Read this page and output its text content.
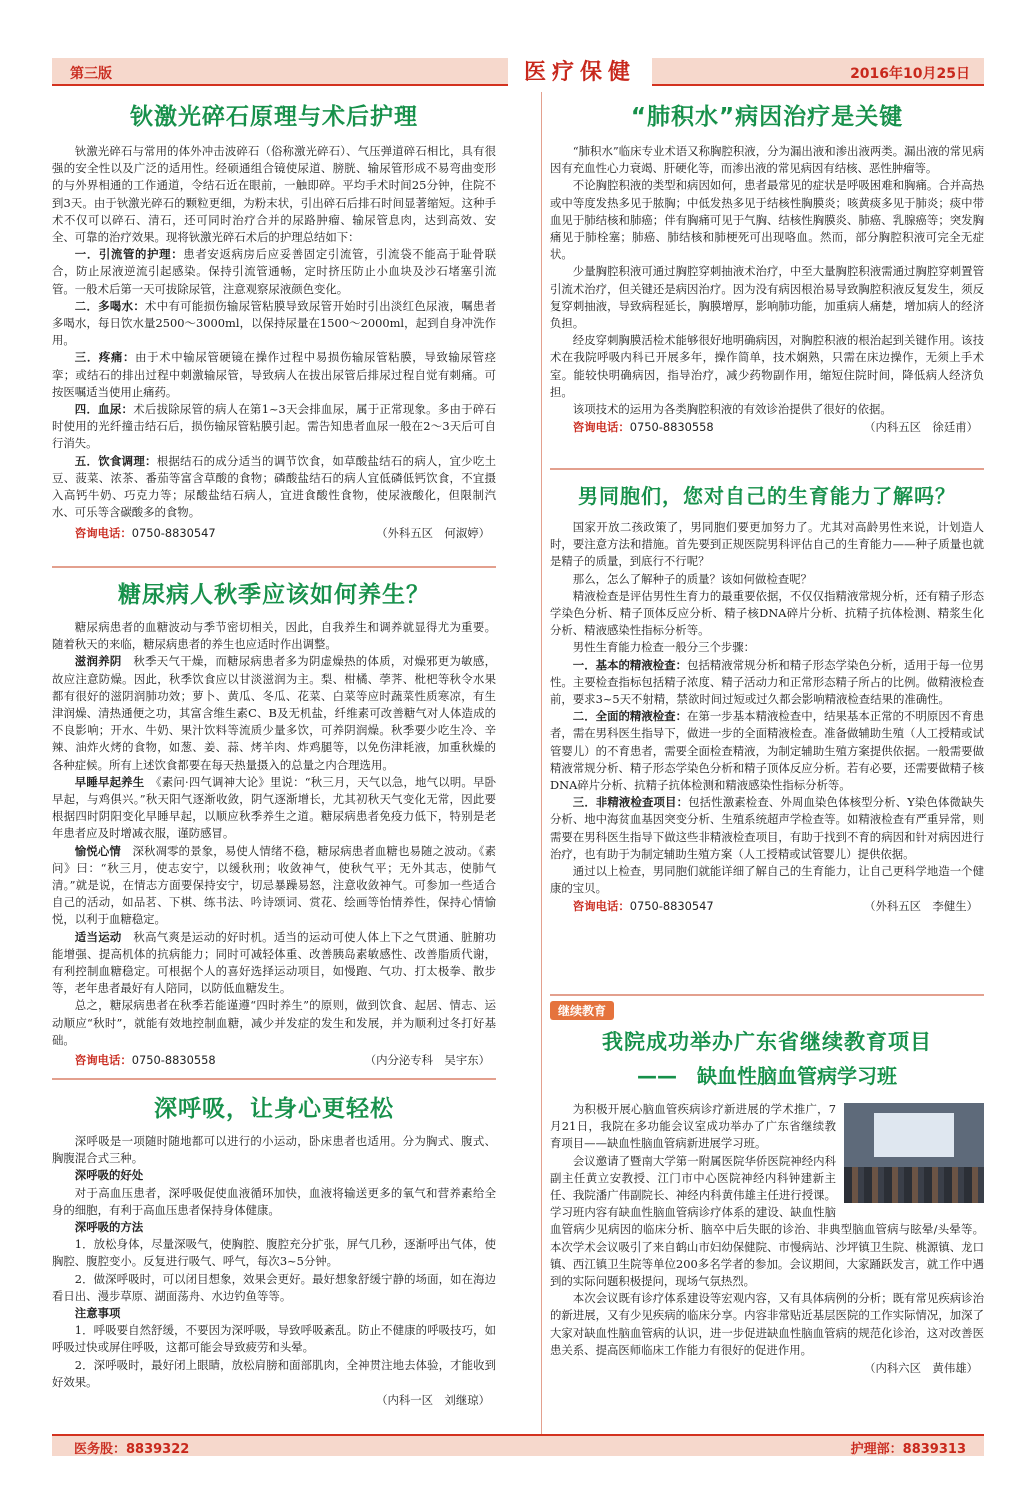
第三版	医疗保健	2016年10月25日
钬激光碎石原理与术后护理

钬激光碎石与常用的体外冲击波碎石（俗称激光碎石）、气压弹道碎石相比，具有很强的安全性以及广泛的适用性。经硕通组合镜使尿道、膀胱、输尿管形成不易弯曲变形的与外界相通的工作通道，令结石近在眼前，一触即碎。平均手术时间25分钟，住院不到3天。由于钬激光碎石的颗粒更细，为粉末状，引出碎石后排石时间显著缩短。这种手术不仅可以碎石、清石，还可同时治疗合并的尿路肿瘤、输尿管息肉，达到高效、安全、可靠的治疗效果。现将钬激光碎石术后的护理总结如下：

一．引流管的护理：患者安返病房后应妥善固定引流管，引流袋不能高于耻骨联合，防止尿液逆流引起感染。保持引流管通畅，定时挤压防止小血块及沙石堵塞引流管。一般术后第一天可拔除尿管，注意观察尿液颜色变化。

二．多喝水：术中有可能损伤输尿管粘膜导致尿管开始时引出淡红色尿液，嘱患者多喝水，每日饮水量2500～3000ml，以保持尿量在1500～2000ml，起到自身冲洗作用。

三．疼痛：由于术中输尿管硬镜在操作过程中易损伤输尿管粘膜，导致输尿管痉挛；或结石的排出过程中刺激输尿管，导致病人在拔出尿管后排尿过程自觉有刺痛。可按医嘱适当使用止痛药。

四．血尿：术后拔除尿管的病人在第1~3天会排血尿，属于正常现象。多由于碎石时使用的光纤撞击结石后，损伤输尿管粘膜引起。需告知患者血尿一般在2～3天后可自行消失。

五．饮食调理：根据结石的成分适当的调节饮食，如草酸盐结石的病人，宜少吃土豆、菠菜、浓茶、番茄等富含草酸的食物；磷酸盐结石的病人宜低磷低钙饮食，不宜摄入高钙牛奶、巧克力等；尿酸盐结石病人，宜进食酸性食物，使尿液酸化，但限制汽水、可乐等含碳酸多的食物。

咨询电话：0750-8830547	（外科五区　何淑婷）
糖尿病人秋季应该如何养生？

糖尿病患者的血糖波动与季节密切相关，因此，自我养生和调养就显得尤为重要。随着秋天的来临，糖尿病患者的养生也应适时作出调整。

滋润养阴　 秋季天气干燥，而糖尿病患者多为阴虚燥热的体质，对燥邪更为敏感，故应注意防燥。因此，秋季饮食应以甘淡滋润为主。梨、柑橘、荸荠、枇杷等秋令水果都有很好的滋阴润肺功效；萝卜、黄瓜、冬瓜、花菜、白菜等应时蔬菜性质寒凉，有生津润燥、清热通便之功，其富含维生素C、B及无机盐，纤维素可改善糖气对人体造成的不良影响；开水、牛奶、果汁饮料等流质少量多饮，可养阴润燥。秋季要少吃生冷、辛辣、油炸火烤的食物，如葱、姜、蒜、烤羊肉、炸鸡腿等，以免伤津耗液，加重秋燥的各种症候。所有上述饮食都要在每天热量摄入的总量之内合理选用。

早睡早起养生　 《素问·四气调神大论》里说：“秋三月，天气以急，地气以明。早卧早起，与鸡俱兴。”秋天阳气逐渐收敛，阴气逐渐增长，尤其初秋天气变化无常，因此要根据四时阴阳变化早睡早起，以顺应秋季养生之道。糖尿病患者免疫力低下，特别是老年患者应及时增减衣服，谨防感冒。

愉悦心情　 深秋凋零的景象，易使人情绪不稳，糖尿病患者血糖也易随之波动。《素问》曰：“秋三月，使志安宁，以缓秋刑；收敛神气，使秋气平；无外其志，使肺气清。”就是说，在情志方面要保持安宁，切忌暴躁易怒，注意收敛神气。可参加一些适合自己的活动，如品茗、下棋、练书法、吟诗颂词、赏花、绘画等怡情养性，保持心情愉悦，以利于血糖稳定。

适当运动　 秋高气爽是运动的好时机。适当的运动可使人体上下之气贯通、脏腑功能增强、提高机体的抗病能力；同时可减轻体重、改善胰岛素敏感性、改善脂质代谢，有利控制血糖稳定。可根据个人的喜好选择运动项目，如慢跑、气功、打太极拳、散步等，老年患者最好有人陪同，以防低血糖发生。

总之，糖尿病患者在秋季若能谨遵“四时养生”的原则，做到饮食、起居、情志、运动顺应“秋时”，就能有效地控制血糖，减少并发症的发生和发展，并为顺利过冬打好基础。

咨询电话：0750-8830558	（内分泌专科　吴宇东）
深呼吸，让身心更轻松

深呼吸是一项随时随地都可以进行的小运动，卧床患者也适用。分为胸式、腹式、胸腹混合式三种。

深呼吸的好处

对于高血压患者，深呼吸促使血液循环加快，血液将输送更多的氧气和营养素给全身的细胞，有利于高血压患者保持身体健康。

深呼吸的方法

1．放松身体，尽量深吸气，使胸腔、腹腔充分扩张，屏气几秒，逐渐呼出气体，使胸腔、腹腔变小。反复进行吸气、呼气，每次3~5分钟。

2．做深呼吸时，可以闭目想象，效果会更好。最好想象舒缓宁静的场面，如在海边看日出、漫步草原、湖面荡舟、水边钓鱼等等。

注意事项

1．呼吸要自然舒缓，不要因为深呼吸，导致呼吸紊乱。防止不健康的呼吸技巧，如呼吸过快或屏住呼吸，这都可能会导致疲劳和头晕。

2．深呼吸时，最好闭上眼睛，放松肩膀和面部肌肉，全神贯注地去体验，才能收到好效果。

（内科一区　刘继琼）
“肺积水”病因治疗是关键

“肺积水”临床专业术语又称胸腔积液，分为漏出液和渗出液两类。漏出液的常见病因有充血性心力衰竭、肝硬化等，而渗出液的常见病因有结核、恶性肿瘤等。

不论胸腔积液的类型和病因如何，患者最常见的症状是呼吸困难和胸痛。合并高热或中等度发热多见于脓胸；中低发热多见于结核性胸膜炎；咳黄痰多见于肺炎；痰中带血见于肺结核和肺癌；伴有胸痛可见于气胸、结核性胸膜炎、肺癌、乳腺癌等；突发胸痛见于肺栓塞；肺癌、肺结核和肺梗死可出现咯血。然而，部分胸腔积液可完全无症状。

少量胸腔积液可通过胸腔穿刺抽液术治疗，中至大量胸腔积液需通过胸腔穿刺置管引流术治疗，但关键还是病因治疗。因为没有病因根治易导致胸腔积液反复发生，须反复穿刺抽液，导致病程延长，胸膜增厚，影响肺功能，加重病人痛楚，增加病人的经济负担。

经皮穿刺胸膜活检术能够很好地明确病因，对胸腔积液的根治起到关键作用。该技术在我院呼吸内科已开展多年，操作简单，技术娴熟，只需在床边操作，无须上手术室。能较快明确病因，指导治疗，减少药物副作用，缩短住院时间，降低病人经济负担。

该项技术的运用为各类胸腔积液的有效诊治提供了很好的依据。

咨询电话：0750-8830558	（内科五区　徐廷甫）
男同胞们，您对自己的生育能力了解吗？

国家开放二孩政策了，男同胞们要更加努力了。尤其对高龄男性来说，计划造人时，要注意方法和措施。首先要到正规医院男科评估自己的生育能力——种子质量也就是精子的质量，到底行不行呢？

那么，怎么了解种子的质量？该如何做检查呢？

精液检查是评估男性生育力的最重要依据，不仅仅指精液常规分析，还有精子形态学染色分析、精子顶体反应分析、精子核DNA碎片分析、抗精子抗体检测、精浆生化分析、精液感染性指标分析等。

男性生育能力检查一般分三个步骤：

一．基本的精液检查：包括精液常规分析和精子形态学染色分析，适用于每一位男性。主要检查指标包括精子浓度、精子活动力和正常形态精子所占的比例。做精液检查前，要求3~5天不射精，禁欲时间过短或过久都会影响精液检查结果的准确性。

二．全面的精液检查：在第一步基本精液检查中，结果基本正常的不明原因不育患者，需在男科医生指导下，做进一步的全面精液检查。准备做辅助生殖（人工授精或试管婴儿）的不育患者，需要全面检查精液，为制定辅助生殖方案提供依据。一般需要做精液常规分析、精子形态学染色分析和精子顶体反应分析。若有必要，还需要做精子核DNA碎片分析、抗精子抗体检测和精液感染性指标分析等。

三．非精液检查项目：包括性激素检查、外周血染色体核型分析、Y染色体微缺失分析、地中海贫血基因突变分析、生殖系统超声学检查等。如精液检查有严重异常，则需要在男科医生指导下做这些非精液检查项目，有助于找到不育的病因和针对病因进行治疗，也有助于为制定辅助生殖方案（人工授精或试管婴儿）提供依据。

通过以上检查，男同胞们就能详细了解自己的生育能力，让自己更科学地造一个健康的宝贝。

咨询电话：0750-8830547	（外科五区　李健生）
继续教育
我院成功举办广东省继续教育项目
——　缺血性脑血管病学习班

为积极开展心脑血管疾病诊疗新进展的学术推广，7月21日，我院在多功能会议室成功举办了广东省继续教育项目——缺血性脑血管病新进展学习班。

会议邀请了暨南大学第一附属医院华侨医院神经内科副主任黄立安教授、江门市中心医院神经内科钟建新主任、我院潘广伟副院长、神经内科黄伟雄主任进行授课。学习班内容有缺血性脑血管病诊疗体系的建设、缺血性脑血管病少见病因的临床分析、脑卒中后失眠的诊治、非典型脑血管病与眩晕/头晕等。本次学术会议吸引了来自鹤山市妇幼保健院、市慢病站、沙坪镇卫生院、桃源镇、龙口镇、西江镇卫生院等单位200多名学者的参加。会议期间，大家踊跃发言，就工作中遇到的实际问题积极提问，现场气氛热烈。

本次会议既有诊疗体系建设等宏观内容，又有具体病例的分析；既有常见疾病诊治的新进展，又有少见疾病的临床分享。内容非常贴近基层医院的工作实际情况，加深了大家对缺血性脑血管病的认识，进一步促进缺血性脑血管病的规范化诊治，这对改善医患关系、提高医师临床工作能力有很好的促进作用。

（内科六区　黄伟雄）
医务股：8839322	护理部：8839313
